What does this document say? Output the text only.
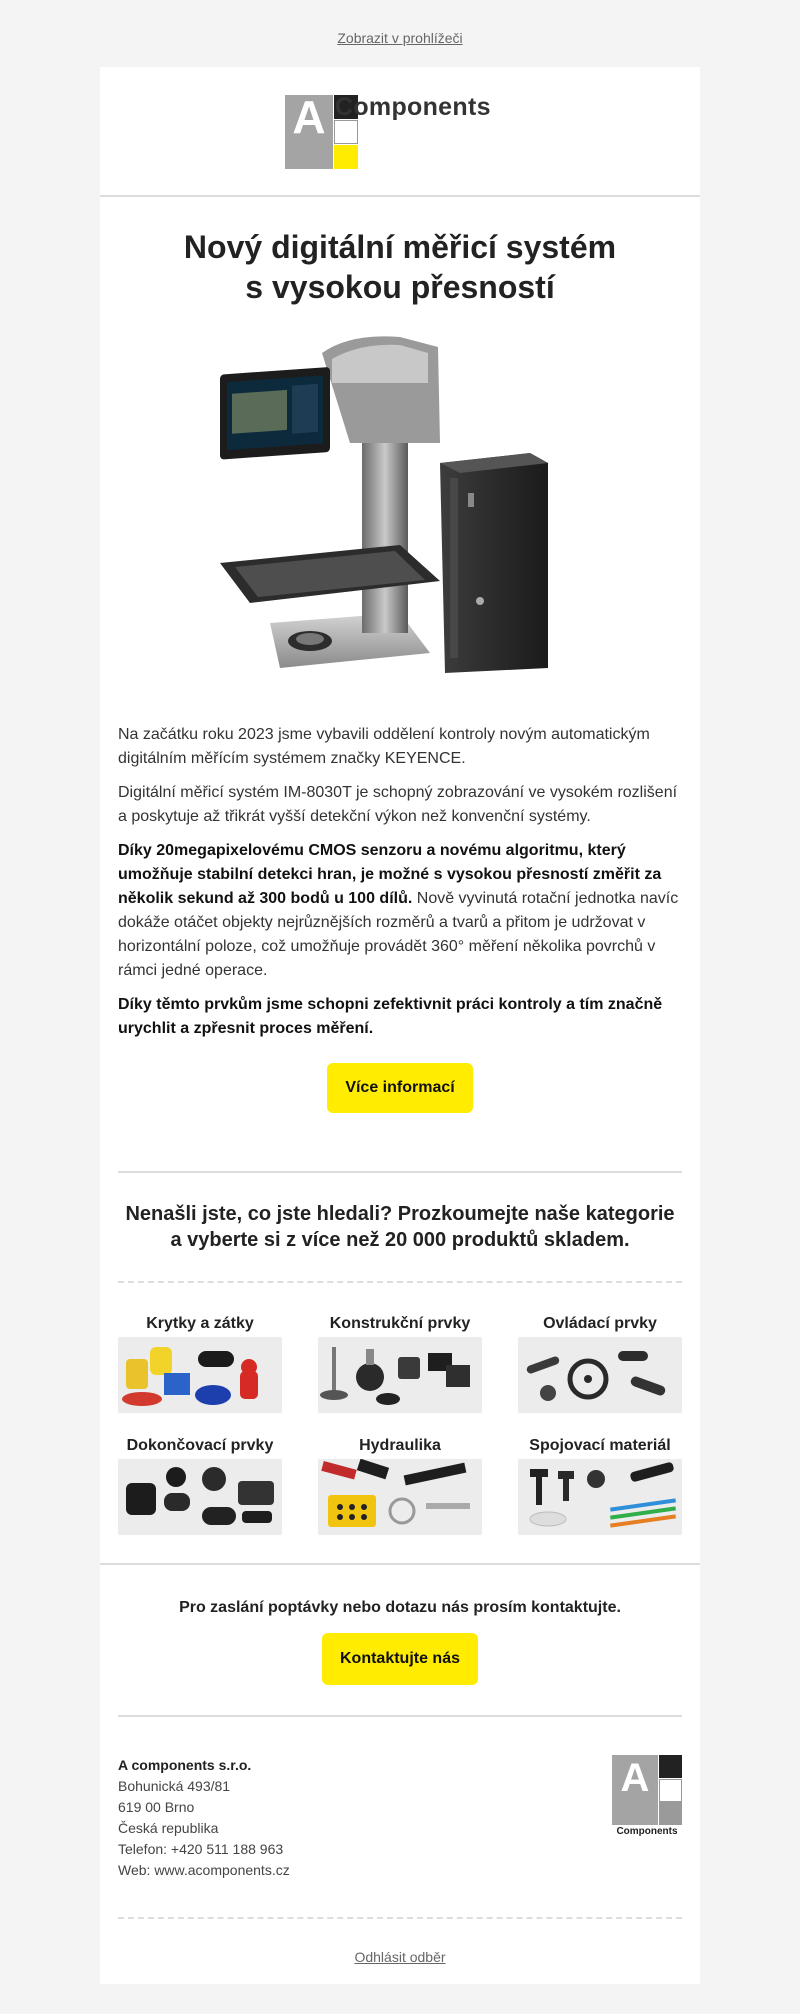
Zobrazit v prohlížeči
A Components
Nový digitální měřicí systém
s vysokou přesností

Na začátku roku 2023 jsme vybavili oddělení kontroly novým automatickým digitálním měřícím systémem značky KEYENCE.

Digitální měřicí systém IM-8030T je schopný zobrazování ve vysokém rozlišení a poskytuje až třikrát vyšší detekční výkon než konvenční systémy.

Díky 20megapixelovému CMOS senzoru a novému algoritmu, který umožňuje stabilní detekci hran, je možné s vysokou přesností změřit za několik sekund až 300 bodů u 100 dílů. Nově vyvinutá rotační jednotka navíc dokáže otáčet objekty nejrůznějších rozměrů a tvarů a přitom je udržovat v horizontální poloze, což umožňuje provádět 360° měření několika povrchů v rámci jedné operace.

Díky těmto prvkům jsme schopni zefektivnit práci kontroly a tím značně urychlit a zpřesnit proces měření.

Více informací
Nenašli jste, co jste hledali? Prozkoumejte naše kategorie
a vyberte si z více než 20 000 produktů skladem.
Krytky a zátky	Konstrukční prvky	Ovládací prvky
Dokončovací prvky	Hydraulika	Spojovací materiál
Pro zaslání poptávky nebo dotazu nás prosím kontaktujte.
Kontaktujte nás
A components s.r.o.
Bohunická 493/81
619 00 Brno
Česká republika
Telefon: +420 511 188 963
Web: www.acomponents.cz
A
Components
Odhlásit odběr
